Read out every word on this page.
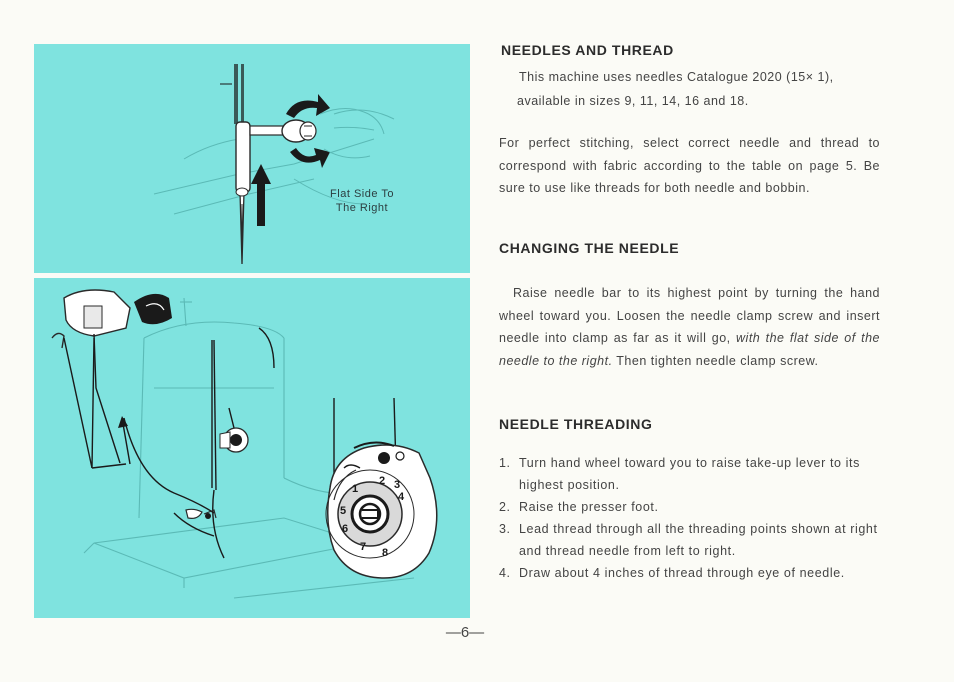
Flat Side To
The Right
1
2 3
4
5
6
7 8
—6—
NEEDLES AND THREAD

This machine uses needles Catalogue 2020 (15× 1),

available in sizes 9, 11, 14, 16 and 18.

For perfect stitching, select correct needle and thread to correspond with fabric according to the table on page 5. Be sure to use like threads for both needle and bobbin.

CHANGING THE NEEDLE

Raise needle bar to its highest point by turning the hand wheel toward you. Loosen the needle clamp screw and insert needle into clamp as far as it will go, with the flat side of the needle to the right. Then tighten needle clamp screw.

NEEDLE THREADING
1. Turn hand wheel toward you to raise take-up lever to its highest position.
2. Raise the presser foot.
3. Lead thread through all the threading points shown at right and thread needle from left to right.
4. Draw about 4 inches of thread through eye of needle.
